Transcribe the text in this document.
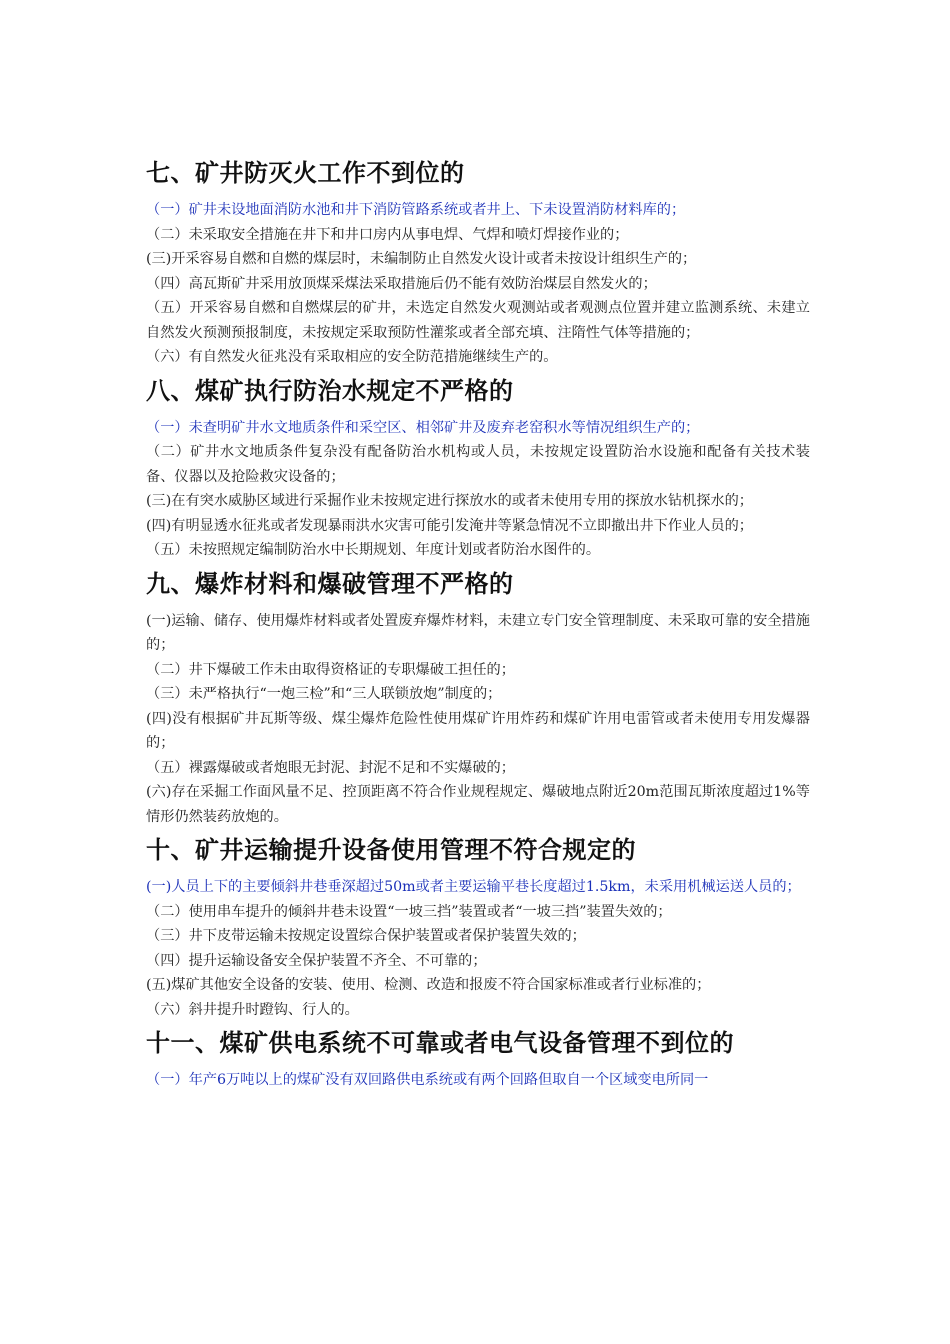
七、矿井防灭火工作不到位的
（一）矿井未设地面消防水池和井下消防管路系统或者井上、下未设置消防材料库的；
（二）未采取安全措施在井下和井口房内从事电焊、气焊和喷灯焊接作业的；
(三)开采容易自燃和自燃的煤层时，未编制防止自然发火设计或者未按设计组织生产的；
（四）高瓦斯矿井采用放顶煤采煤法采取措施后仍不能有效防治煤层自然发火的；
（五）开采容易自燃和自燃煤层的矿井，未选定自然发火观测站或者观测点位置并建立监测系统、未建立自然发火预测预报制度，未按规定采取预防性灌浆或者全部充填、注隋性气体等措施的；
（六）有自然发火征兆没有采取相应的安全防范措施继续生产的。
八、煤矿执行防治水规定不严格的
（一）未查明矿井水文地质条件和采空区、相邻矿井及废弃老窑积水等情况组织生产的；
（二）矿井水文地质条件复杂没有配备防治水机构或人员，未按规定设置防治水设施和配备有关技术装备、仪器以及抢险救灾设备的；
(三)在有突水威胁区域进行采掘作业未按规定进行探放水的或者未使用专用的探放水钻机探水的；
(四)有明显透水征兆或者发现暴雨洪水灾害可能引发淹井等紧急情况不立即撤出井下作业人员的；
（五）未按照规定编制防治水中长期规划、年度计划或者防治水图件的。
九、爆炸材料和爆破管理不严格的
(一)运输、储存、使用爆炸材料或者处置废弃爆炸材料，未建立专门安全管理制度、未采取可靠的安全措施的；
（二）井下爆破工作未由取得资格证的专职爆破工担任的；
（三）未严格执行“一炮三检”和“三人联锁放炮”制度的；
(四)没有根据矿井瓦斯等级、煤尘爆炸危险性使用煤矿许用炸药和煤矿许用电雷管或者未使用专用发爆器的；
（五）裸露爆破或者炮眼无封泥、封泥不足和不实爆破的；
(六)存在采掘工作面风量不足、控顶距离不符合作业规程规定、爆破地点附近20m范围瓦斯浓度超过1%等情形仍然装药放炮的。
十、矿井运输提升设备使用管理不符合规定的
(一)人员上下的主要倾斜井巷垂深超过50m或者主要运输平巷长度超过1.5km，未采用机械运送人员的；
（二）使用串车提升的倾斜井巷未设置“一坡三挡”装置或者“一坡三挡”装置失效的；
（三）井下皮带运输未按规定设置综合保护装置或者保护装置失效的；
（四）提升运输设备安全保护装置不齐全、不可靠的；
(五)煤矿其他安全设备的安装、使用、检测、改造和报废不符合国家标准或者行业标准的；
（六）斜井提升时蹬钩、行人的。
十一、煤矿供电系统不可靠或者电气设备管理不到位的
（一）年产6万吨以上的煤矿没有双回路供电系统或有两个回路但取自一个区域变电所同一
